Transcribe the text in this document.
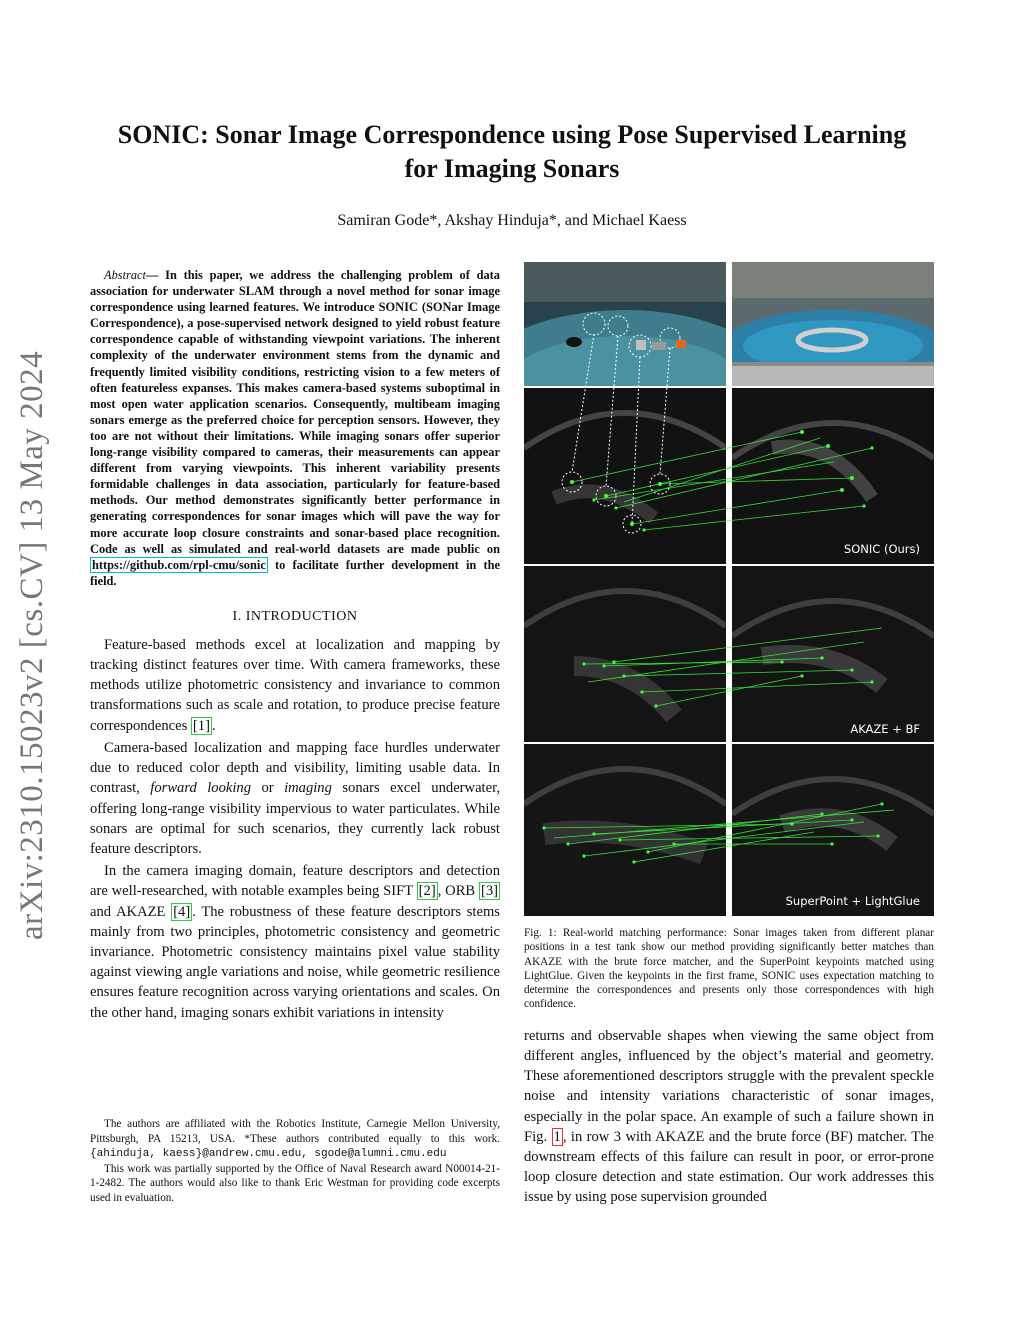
arXiv:2310.15023v2 [cs.CV] 13 May 2024
SONIC: Sonar Image Correspondence using Pose Supervised Learning
for Imaging Sonars
Samiran Gode*, Akshay Hinduja*, and Michael Kaess

Abstract— In this paper, we address the challenging problem of data association for underwater SLAM through a novel method for sonar image correspondence using learned features. We introduce SONIC (SONar Image Correspondence), a pose-supervised network designed to yield robust feature correspondence capable of withstanding viewpoint variations. The inherent complexity of the underwater environment stems from the dynamic and frequently limited visibility conditions, restricting vision to a few meters of often featureless expanses. This makes camera-based systems suboptimal in most open water application scenarios. Consequently, multibeam imaging sonars emerge as the preferred choice for perception sensors. However, they too are not without their limitations. While imaging sonars offer superior long-range visibility compared to cameras, their measurements can appear different from varying viewpoints. This inherent variability presents formidable challenges in data association, particularly for feature-based methods. Our method demonstrates significantly better performance in generating correspondences for sonar images which will pave the way for more accurate loop closure constraints and sonar-based place recognition. Code as well as simulated and real-world datasets are made public on https://github.com/rpl-cmu/sonic to facilitate further development in the field.

I. INTRODUCTION

Feature-based methods excel at localization and mapping by tracking distinct features over time. With camera frameworks, these methods utilize photometric consistency and invariance to common transformations such as scale and rotation, to produce precise feature correspondences [1] .

Camera-based localization and mapping face hurdles underwater due to reduced color depth and visibility, limiting usable data. In contrast, forward looking or imaging sonars excel underwater, offering long-range visibility impervious to water particulates. While sonars are optimal for such scenarios, they currently lack robust feature descriptors.

In the camera imaging domain, feature descriptors and detection are well-researched, with notable examples being SIFT [2] , ORB [3] and AKAZE [4] . The robustness of these feature descriptors stems mainly from two principles, photometric consistency and geometric invariance. Photometric consistency maintains pixel value stability against viewing angle variations and noise, while geometric resilience ensures feature recognition across varying orientations and scales. On the other hand, imaging sonars exhibit variations in intensity

The authors are affiliated with the Robotics Institute, Carnegie Mellon University, Pittsburgh, PA 15213, USA. *These authors contributed equally to this work. {ahinduja, kaess}@andrew.cmu.edu, sgode@alumni.cmu.edu

This work was partially supported by the Office of Naval Research award N00014-21-1-2482. The authors would also like to thank Eric Westman for providing code excerpts used in evaluation.

SONIC (Ours)
AKAZE + BF
SuperPoint + LightGlue

Fig. 1: Real-world matching performance: Sonar images taken from different planar positions in a test tank show our method providing significantly better matches than AKAZE with the brute force matcher, and the SuperPoint keypoints matched using LightGlue. Given the keypoints in the first frame, SONIC uses expectation matching to determine the correspondences and presents only those correspondences with high confidence.

returns and observable shapes when viewing the same object from different angles, influenced by the object’s material and geometry. These aforementioned descriptors struggle with the prevalent speckle noise and intensity variations characteristic of sonar images, especially in the polar space. An example of such a failure shown in Fig. 1 , in row 3 with AKAZE and the brute force (BF) matcher. The downstream effects of this failure can result in poor, or error-prone loop closure detection and state estimation. Our work addresses this issue by using pose supervision grounded
